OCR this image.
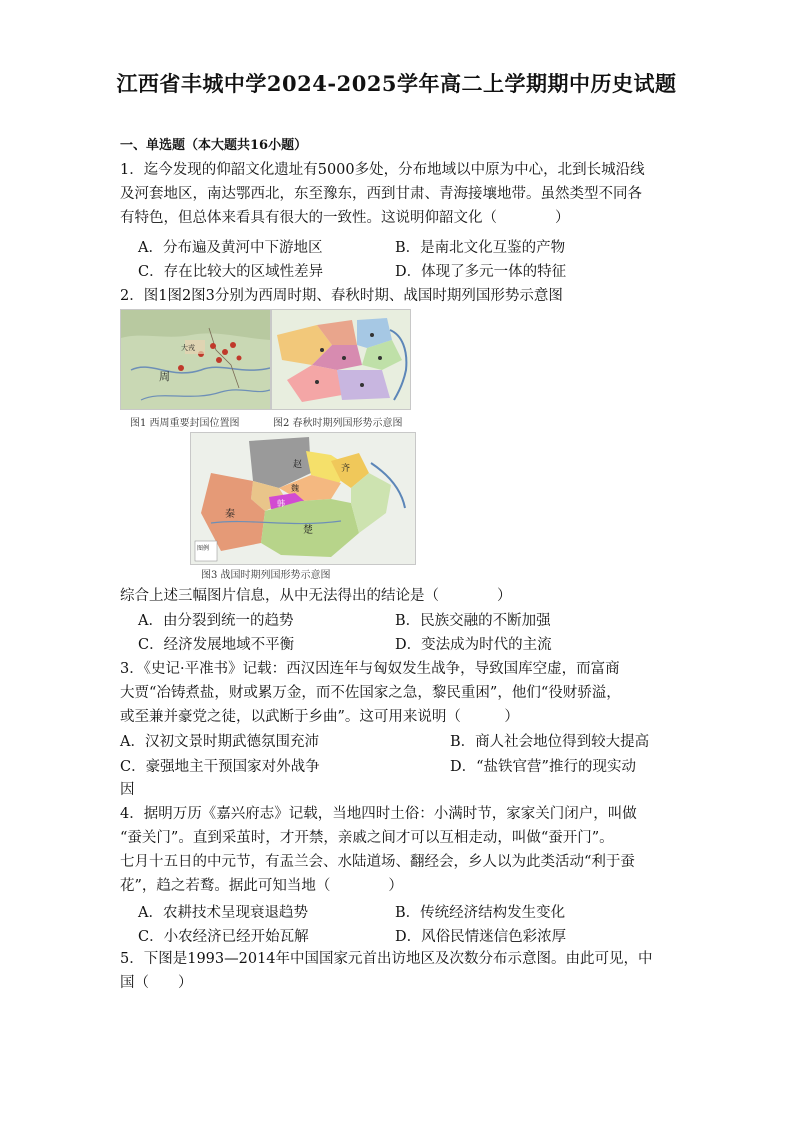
江西省丰城中学2024-2025学年高二上学期期中历史试题
一、单选题（本大题共16小题）
1．迄今发现的仰韶文化遗址有5000多处，分布地域以中原为中心，北到长城沿线
及河套地区，南达鄂西北，东至豫东，西到甘肃、青海接壤地带。虽然类型不同各
有特色，但总体来看具有很大的一致性。这说明仰韶文化（　　　　）
A．分布遍及黄河中下游地区	B．是南北文化互鉴的产物
C．存在比较大的区域性差异	D．体现了多元一体的特征
2．图1图2图3分别为西周时期、春秋时期、战国时期列国形势示意图
周
大戎
图1 西周重要封国位置图	图2 春秋时期列国形势示意图
赵	齐
魏
韩
秦
楚
图例
图3 战国时期列国形势示意图
综合上述三幅图片信息，从中无法得出的结论是（　　　　）
A．由分裂到统一的趋势	B．民族交融的不断加强
C．经济发展地域不平衡	D．变法成为时代的主流
3．《史记·平准书》记载：西汉因连年与匈奴发生战争，导致国库空虚，而富商
大贾“冶铸煮盐，财或累万金，而不佐国家之急，黎民重困”，他们“役财骄溢，
或至兼并豪党之徒，以武断于乡曲”。这可用来说明（　　　）
A．汉初文景时期武德氛围充沛	B．商人社会地位得到较大提高
C．豪强地主干预国家对外战争	D．“盐铁官营”推行的现实动
因
4．据明万历《嘉兴府志》记载，当地四时土俗：小满时节，家家关门闭户，叫做
“蚕关门”。直到采茧时，才开禁，亲戚之间才可以互相走动，叫做“蚕开门”。
七月十五日的中元节，有盂兰会、水陆道场、翻经会，乡人以为此类活动“利于蚕
花”，趋之若鹜。据此可知当地（　　　　）
A．农耕技术呈现衰退趋势	B．传统经济结构发生变化
C．小农经济已经开始瓦解	D．风俗民情迷信色彩浓厚
5．下图是1993—2014年中国国家元首出访地区及次数分布示意图。由此可见，中
国（　　）
